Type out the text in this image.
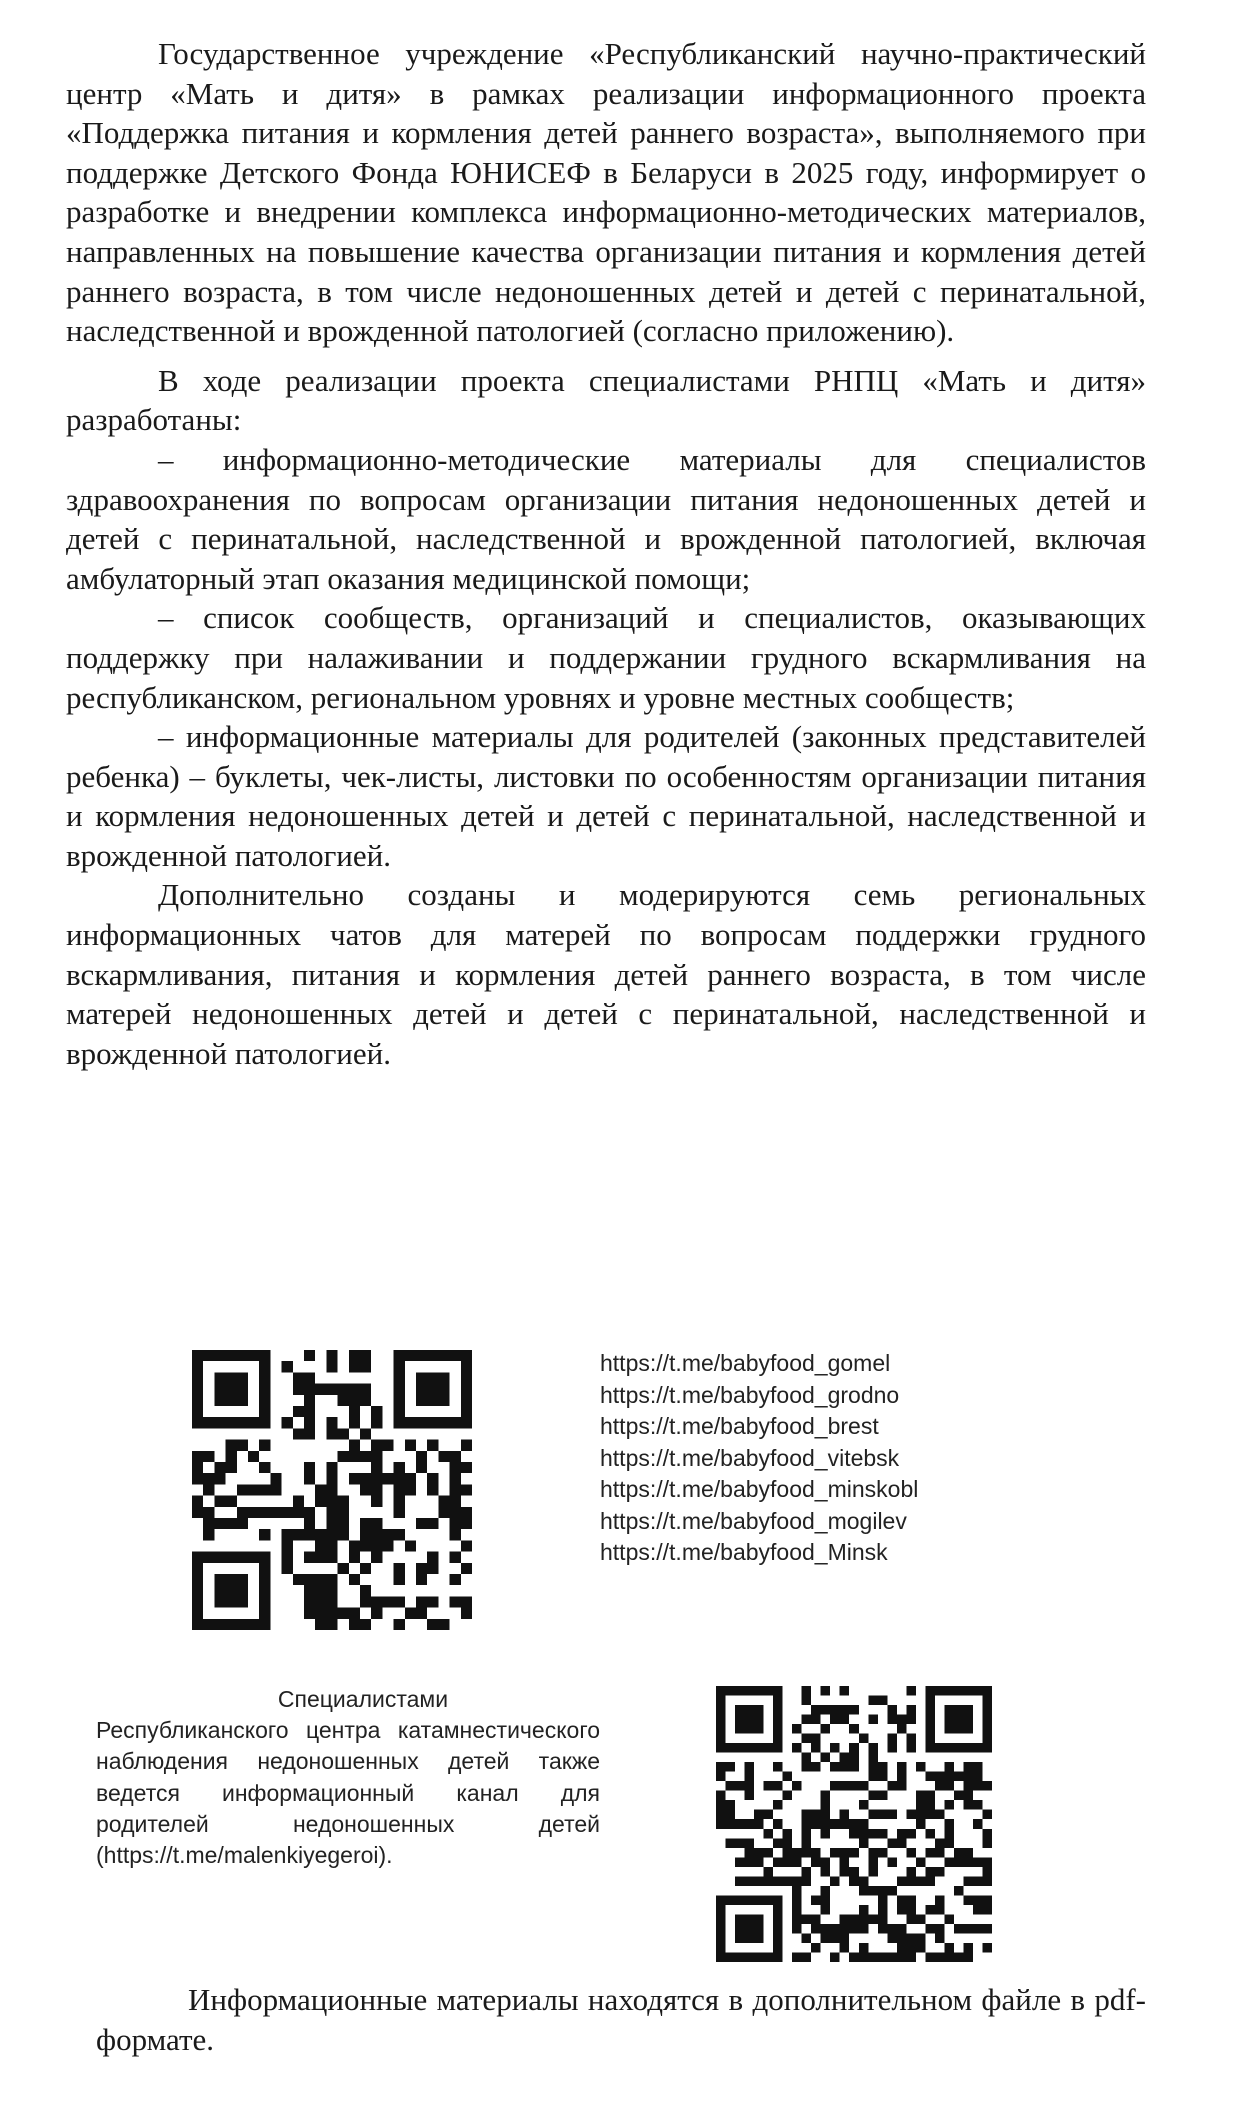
Государственное учреждение «Республиканский научно-практический центр «Мать и дитя» в рамках реализации информационного проекта «Поддержка питания и кормления детей раннего возраста», выполняемого при поддержке Детского Фонда ЮНИСЕФ в Беларуси в 2025 году, информирует о разработке и внедрении комплекса информационно-методических материалов, направленных на повышение качества организации питания и кормления детей раннего возраста, в том числе недоношенных детей и детей с перинатальной, наследственной и врожденной патологией (согласно приложению).

В ходе реализации проекта специалистами РНПЦ «Мать и дитя» разработаны:

– информационно-методические материалы для специалистов здравоохранения по вопросам организации питания недоношенных детей и детей с перинатальной, наследственной и врожденной патологией, включая амбулаторный этап оказания медицинской помощи;

– список сообществ, организаций и специалистов, оказывающих поддержку при налаживании и поддержании грудного вскармливания на республиканском, региональном уровнях и уровне местных сообществ;

– информационные материалы для родителей (законных представителей ребенка) – буклеты, чек-листы, листовки по особенностям организации питания и кормления недоношенных детей и детей с перинатальной, наследственной и врожденной патологией.

Дополнительно созданы и модерируются семь региональных информационных чатов для матерей по вопросам поддержки грудного вскармливания, питания и кормления детей раннего возраста, в том числе матерей недоношенных детей и детей с перинатальной, наследственной и врожденной патологией.

https://t.me/babyfood_gomel
https://t.me/babyfood_grodno
https://t.me/babyfood_brest
https://t.me/babyfood_vitebsk
https://t.me/babyfood_minskobl
https://t.me/babyfood_mogilev
https://t.me/babyfood_Minsk
Специалистами
Республиканского центра катамнестического наблюдения недоношенных детей также ведется информационный канал для родителей недоношенных детей (https://t.me/malenkiyegeroi).

Информационные материалы находятся в дополнительном файле в pdf-формате.
